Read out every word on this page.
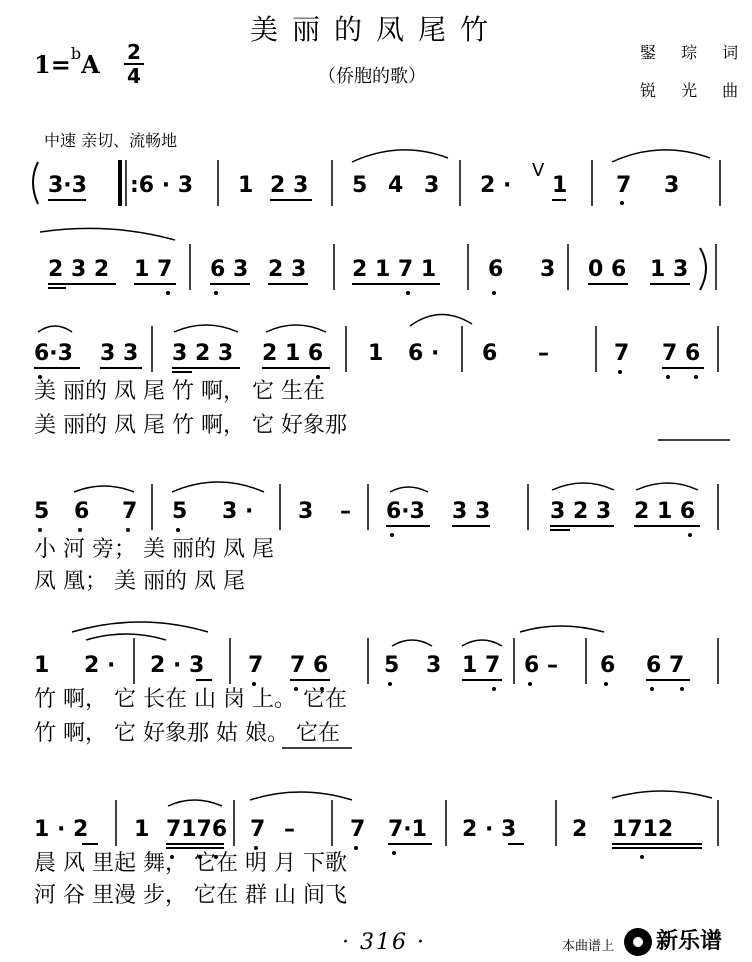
美丽的凤尾竹
（侨胞的歌）
1=$^b$A 2
4
鋻 琮 词
锐 光 曲
中速 亲切、流畅地
3·3 :6 · 3 1 2 3 5 4 3 2 ·
V
1 7 3
2 3 2 1 7 6 3 2 3 2 1 7 1 6 3 0 6 1 3
6·3 3 3 3 2 3 2 1 6 1 6 · 6 –	7 7 6
美 丽的 凤 尾 竹 啊， 它 生在
美 丽的 凤 尾 竹 啊， 它 好象那
5 6 7 5 3 · 3 – 6·3 3 3	3 2 3 2 1 6
小 河 旁； 美 丽的 凤 尾
凤 凰； 美 丽的 凤 尾
1 2 · 2 · 3 7 7 6	5 3 1 7 6 – 6 6 7
竹 啊， 它 长在 山 岗 上。 它在
竹 啊， 它 好象那 姑 娘。 它在
1 · 2 1 7176 7 –	7 7·1 2 · 3	2 1712
晨 风 里起 舞， 它在 明 月 下歌
河 谷 里漫 步， 它在 群 山 间飞
· 316 ·	本曲谱上 新乐谱
